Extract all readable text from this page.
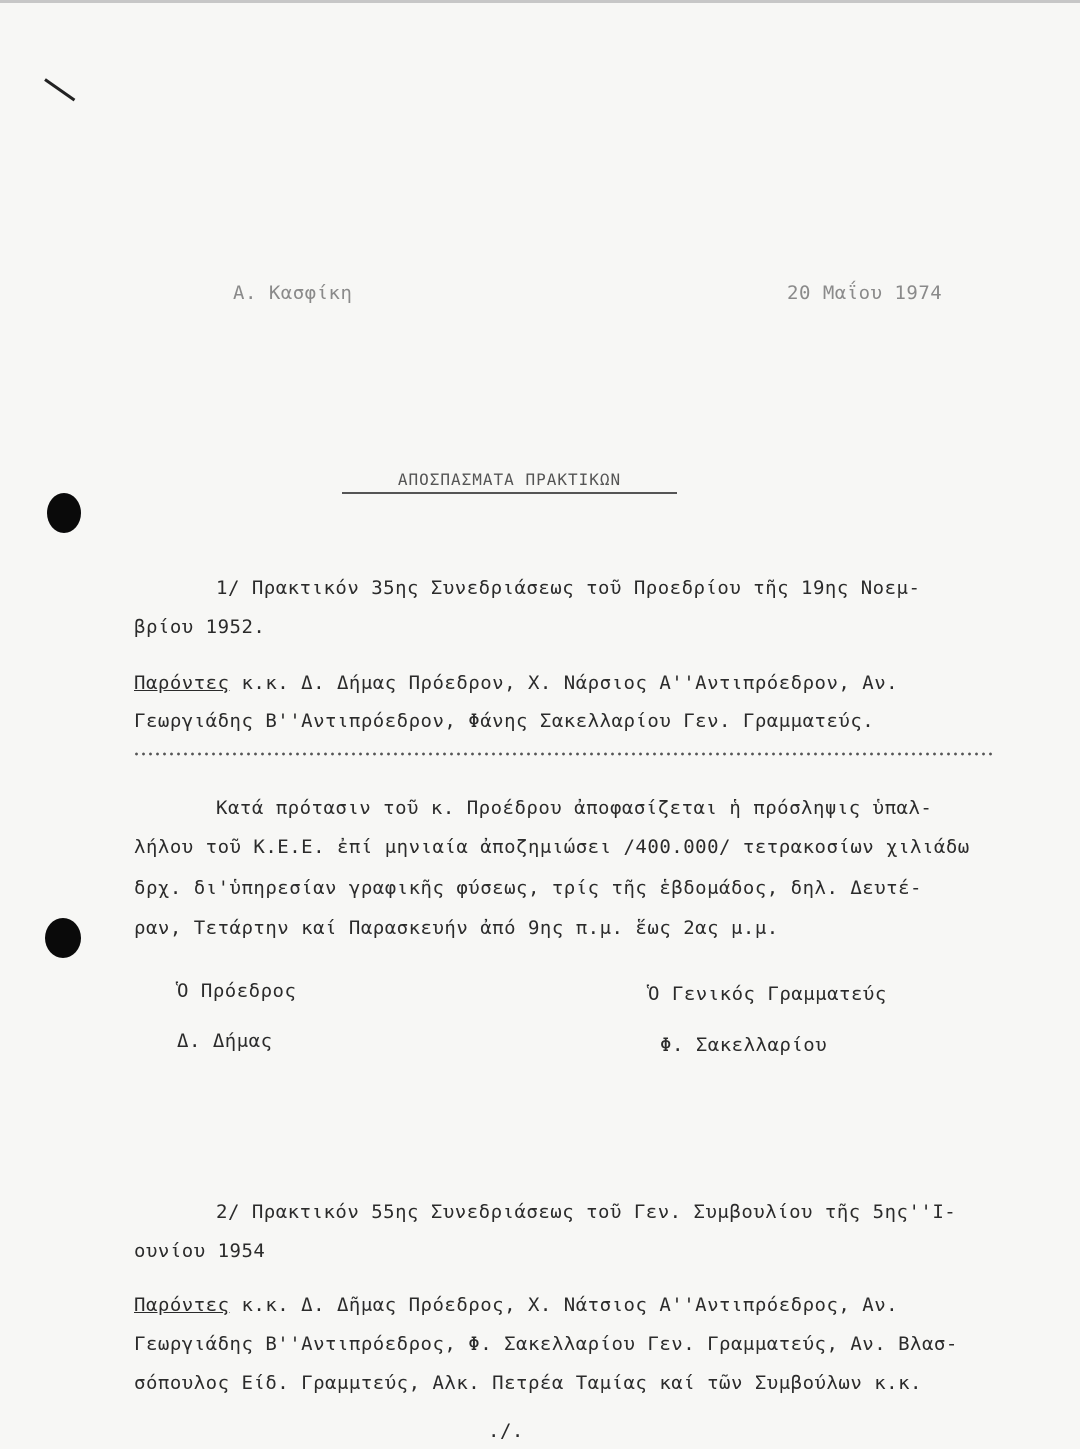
Α. Κασφίκη	20 Μαΐου 1974
ΑΠΟΣΠΑΣΜΑΤΑ ΠΡΑΚΤΙΚΩΝ
1/ Πρακτικόν 35ης Συνεδριάσεως τοῦ Προεδρίου τῆς 19ης Νοεμ-
βρίου 1952.
Παρόντες κ.κ. Δ. Δήμας Πρόεδρον, Χ. Νάρσιος Α''Αντιπρόεδρον, Αν.
Γεωργιάδης Β''Αντιπρόεδρον, Φάνης Σακελλαρίου Γεν. Γραμματεύς.
Κατά πρότασιν τοῦ κ. Προέδρου ἀποφασίζεται ἡ πρόσληψις ὑπαλ-
λήλου τοῦ Κ.Ε.Ε. ἐπί μηνιαία ἀποζημιώσει /400.000/ τετρακοσίων χιλιάδω
δρχ. δι'ὑπηρεσίαν γραφικῆς φύσεως, τρίς τῆς ἑβδομάδος, δηλ. Δευτέ-
ραν, Τετάρτην καί Παρασκευήν ἀπό 9ης π.μ. ἕως 2ας μ.μ.
Ὁ Πρόεδρος
Δ. Δήμας
Ὁ Γενικός Γραμματεύς
Φ. Σακελλαρίου
2/ Πρακτικόν 55ης Συνεδριάσεως τοῦ Γεν. Συμβουλίου τῆς 5ης''Ι-
ουνίου 1954
Παρόντες κ.κ. Δ. Δῆμας Πρόεδρος, Χ. Νάτσιος Α''Αντιπρόεδρος, Αν.
Γεωργιάδης Β''Αντιπρόεδρος, Φ. Σακελλαρίου Γεν. Γραμματεύς, Αν. Βλασ-
σόπουλος Είδ. Γραμμτεύς, Αλκ. Πετρέα Ταμίας καί τῶν Συμβούλων κ.κ.
./.
